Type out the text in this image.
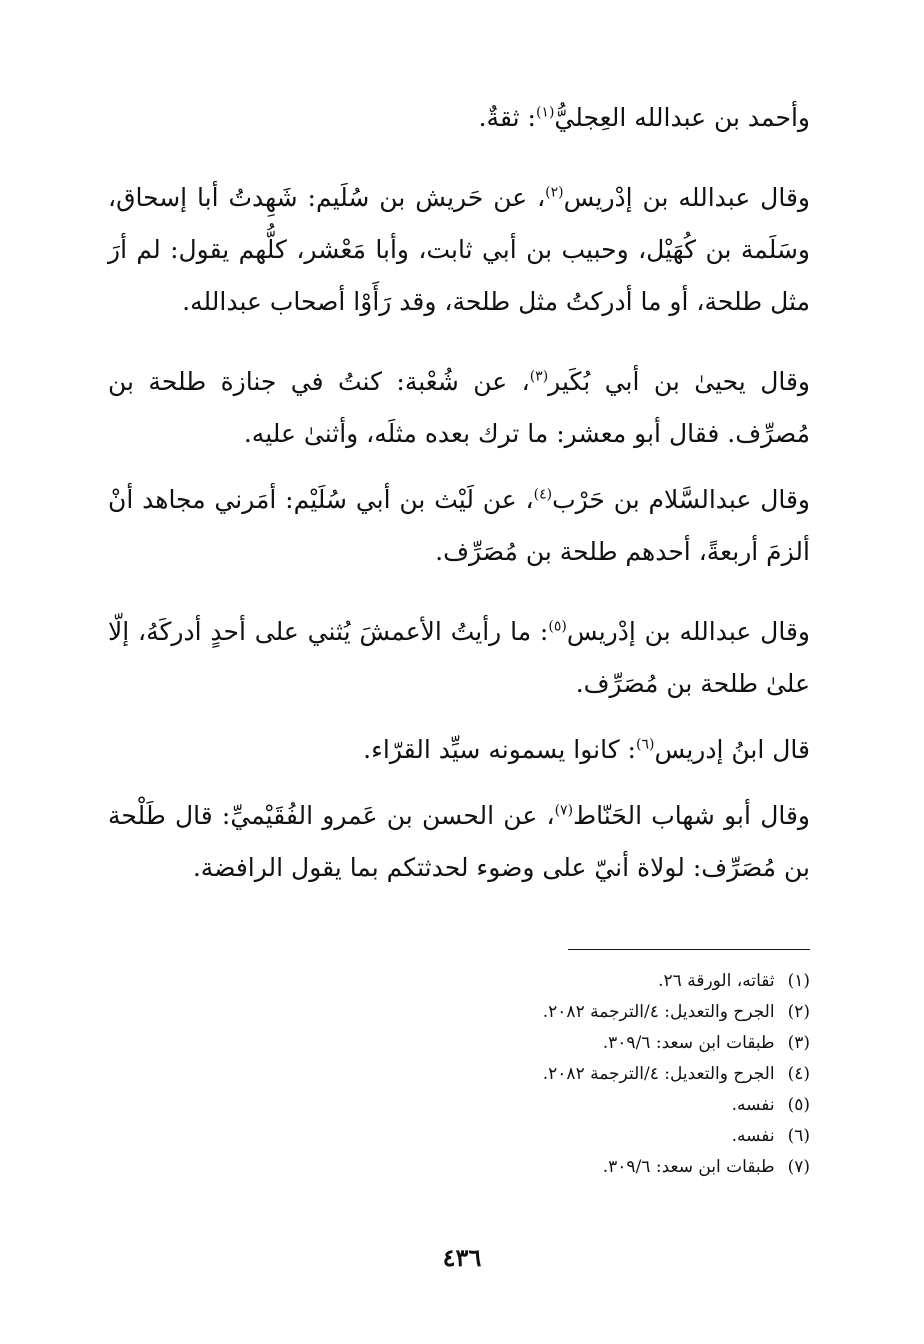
وأحمد بن عبدالله العِجليُّ$^{(١)}$: ثقةٌ.

وقال عبدالله بن إدْريس$^{(٢)}$، عن حَريش بن سُلَيم: شَهِدتُ أبا إسحاق، وسَلَمة بن كُهَيْل، وحبيب بن أبي ثابت، وأبا مَعْشر، كلُّهم يقول: لم أرَ مثل طلحة، أو ما أدركتُ مثل طلحة، وقد رَأَوْا أصحاب عبدالله.

وقال يحيىٰ بن أبي بُكَير$^{(٣)}$، عن شُعْبة: كنتُ في جنازة طلحة بن مُصرِّف. فقال أبو معشر: ما ترك بعده مثلَه، وأثنىٰ عليه.

وقال عبدالسَّلام بن حَرْب$^{(٤)}$، عن لَيْث بن أبي سُلَيْم: أمَرني مجاهد أنْ ألزمَ أربعةً، أحدهم طلحة بن مُصَرِّف.

وقال عبدالله بن إدْريس$^{(٥)}$: ما رأيتُ الأعمشَ يُثني على أحدٍ أدركَهُ، إلّا علىٰ طلحة بن مُصَرِّف.

قال ابنُ إدريس$^{(٦)}$: كانوا يسمونه سيِّد القرّاء.

وقال أبو شهاب الحَنّاط$^{(٧)}$، عن الحسن بن عَمرو الفُقَيْميِّ: قال طَلْحة بن مُصَرِّف: لولاة أنيّ على وضوء لحدثتكم بما يقول الرافضة.

(١) ثقاته، الورقة ٢٦.
(٢) الجرح والتعديل: ٤/الترجمة ٢٠٨٢.
(٣) طبقات ابن سعد: ٣٠٩/٦.
(٤) الجرح والتعديل: ٤/الترجمة ٢٠٨٢.
(٥) نفسه.
(٦) نفسه.
(٧) طبقات ابن سعد: ٣٠٩/٦.
٤٣٦
